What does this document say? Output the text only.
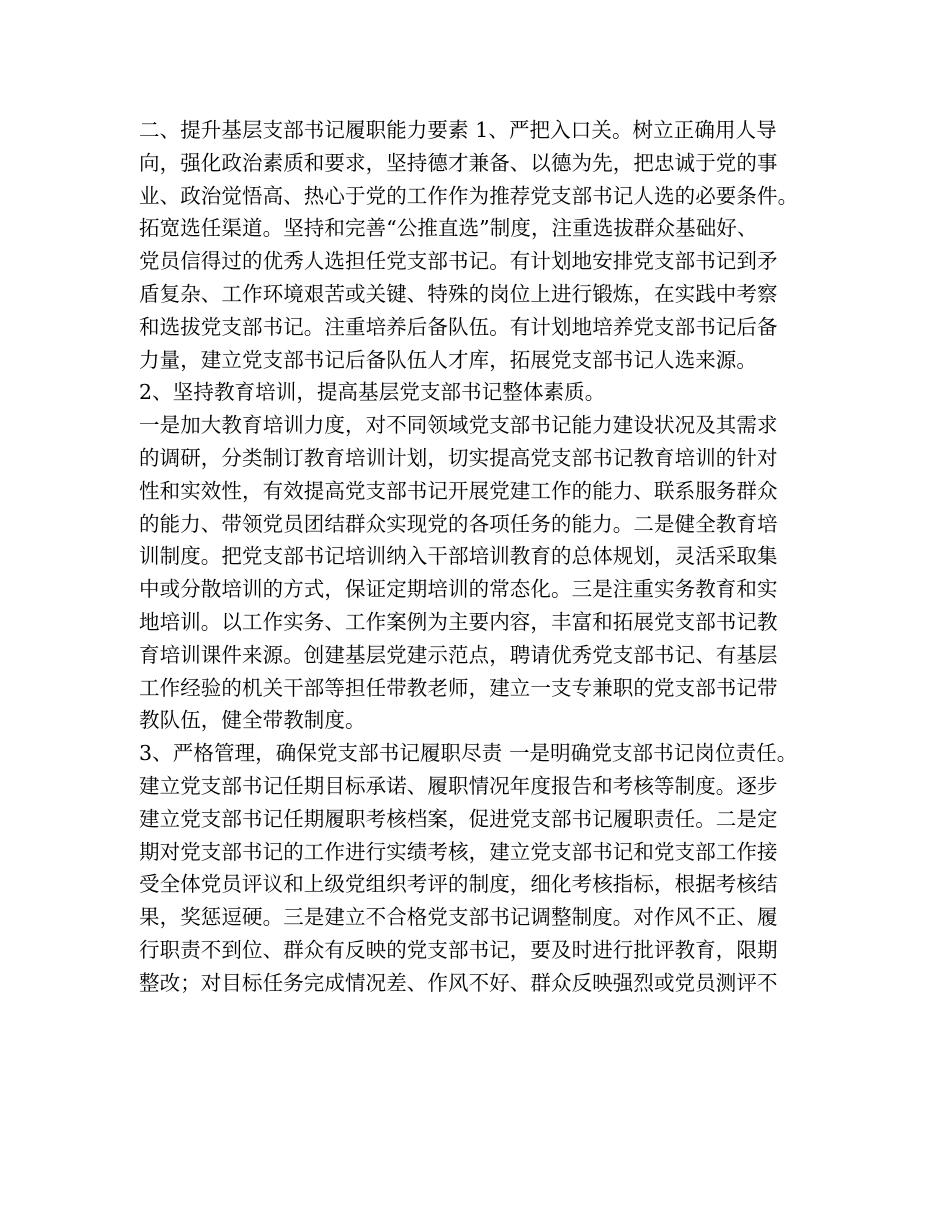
二、提升基层支部书记履职能力要素 1、严把入口关。树立正确用人导
向，强化政治素质和要求，坚持德才兼备、以德为先，把忠诚于党的事
业、政治觉悟高、热心于党的工作作为推荐党支部书记人选的必要条件。
拓宽选任渠道。坚持和完善“公推直选”制度，注重选拔群众基础好、
党员信得过的优秀人选担任党支部书记。有计划地安排党支部书记到矛
盾复杂、工作环境艰苦或关键、特殊的岗位上进行锻炼，在实践中考察
和选拔党支部书记。注重培养后备队伍。有计划地培养党支部书记后备
力量，建立党支部书记后备队伍人才库，拓展党支部书记人选来源。
2、坚持教育培训，提高基层党支部书记整体素质。
一是加大教育培训力度，对不同领域党支部书记能力建设状况及其需求
的调研，分类制订教育培训计划，切实提高党支部书记教育培训的针对
性和实效性，有效提高党支部书记开展党建工作的能力、联系服务群众
的能力、带领党员团结群众实现党的各项任务的能力。二是健全教育培
训制度。把党支部书记培训纳入干部培训教育的总体规划，灵活采取集
中或分散培训的方式，保证定期培训的常态化。三是注重实务教育和实
地培训。以工作实务、工作案例为主要内容，丰富和拓展党支部书记教
育培训课件来源。创建基层党建示范点，聘请优秀党支部书记、有基层
工作经验的机关干部等担任带教老师，建立一支专兼职的党支部书记带
教队伍，健全带教制度。
3、严格管理，确保党支部书记履职尽责 一是明确党支部书记岗位责任。
建立党支部书记任期目标承诺、履职情况年度报告和考核等制度。逐步
建立党支部书记任期履职考核档案，促进党支部书记履职责任。二是定
期对党支部书记的工作进行实绩考核，建立党支部书记和党支部工作接
受全体党员评议和上级党组织考评的制度，细化考核指标，根据考核结
果，奖惩逗硬。三是建立不合格党支部书记调整制度。对作风不正、履
行职责不到位、群众有反映的党支部书记，要及时进行批评教育，限期
整改；对目标任务完成情况差、作风不好、群众反映强烈或党员测评不
